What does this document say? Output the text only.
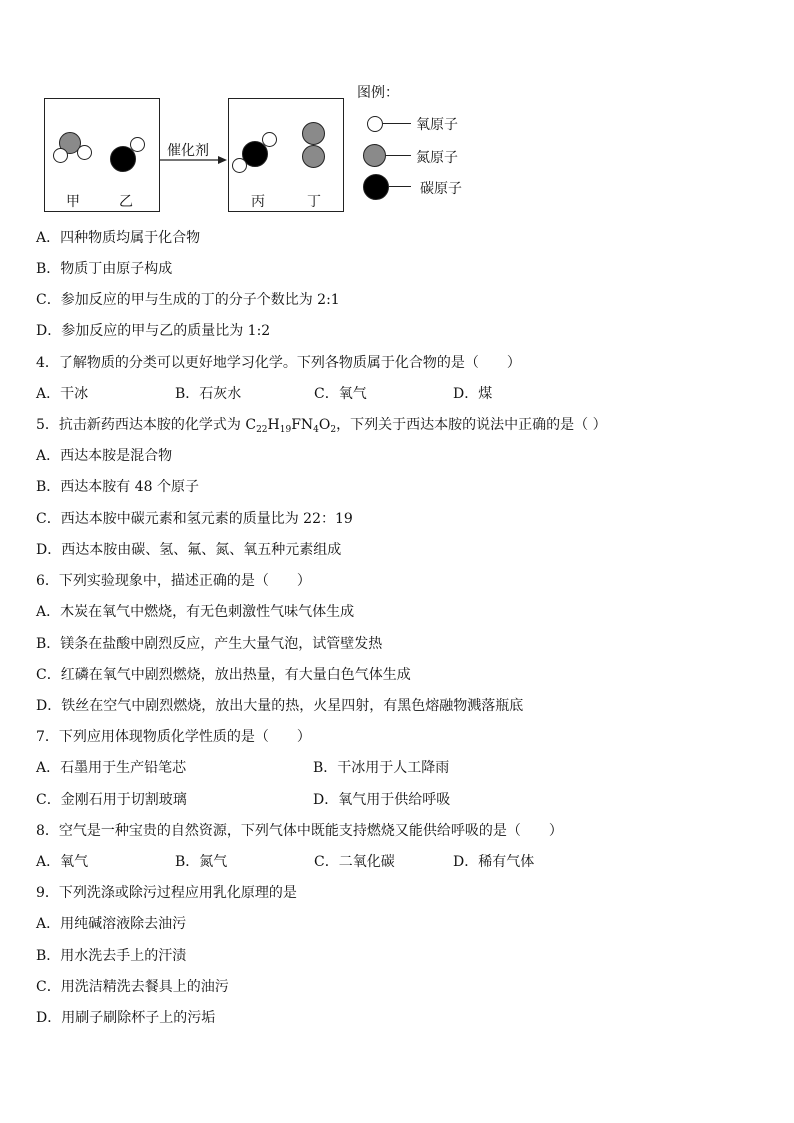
甲	乙
催化剂
丙	丁
图例：
氧原子
氮原子
碳原子
A．四种物质均属于化合物
B．物质丁由原子构成
C．参加反应的甲与生成的丁的分子个数比为 2:1
D．参加反应的甲与乙的质量比为 1:2
4．了解物质的分类可以更好地学习化学。下列各物质属于化合物的是（　　）
A．干冰	B．石灰水	C．氧气	D．煤
5．抗击新药西达本胺的化学式为 $C_{22}H_{19}FN_4O_2$，下列关于西达本胺的说法中正确的是（ ）
A．西达本胺是混合物
B．西达本胺有 48 个原子
C．西达本胺中碳元素和氢元素的质量比为 22：19
D．西达本胺由碳、氢、氟、氮、氧五种元素组成
6．下列实验现象中，描述正确的是（　　）
A．木炭在氧气中燃烧，有无色刺激性气味气体生成
B．镁条在盐酸中剧烈反应，产生大量气泡，试管壁发热
C．红磷在氧气中剧烈燃烧，放出热量，有大量白色气体生成
D．铁丝在空气中剧烈燃烧，放出大量的热，火星四射，有黑色熔融物溅落瓶底
7．下列应用体现物质化学性质的是（　　）
A．石墨用于生产铅笔芯	B．干冰用于人工降雨
C．金刚石用于切割玻璃	D．氧气用于供给呼吸
8．空气是一种宝贵的自然资源，下列气体中既能支持燃烧又能供给呼吸的是（　　）
A．氧气	B．氮气	C．二氧化碳	D．稀有气体
9．下列洗涤或除污过程应用乳化原理的是
A．用纯碱溶液除去油污
B．用水洗去手上的汗渍
C．用洗洁精洗去餐具上的油污
D．用刷子刷除杯子上的污垢
